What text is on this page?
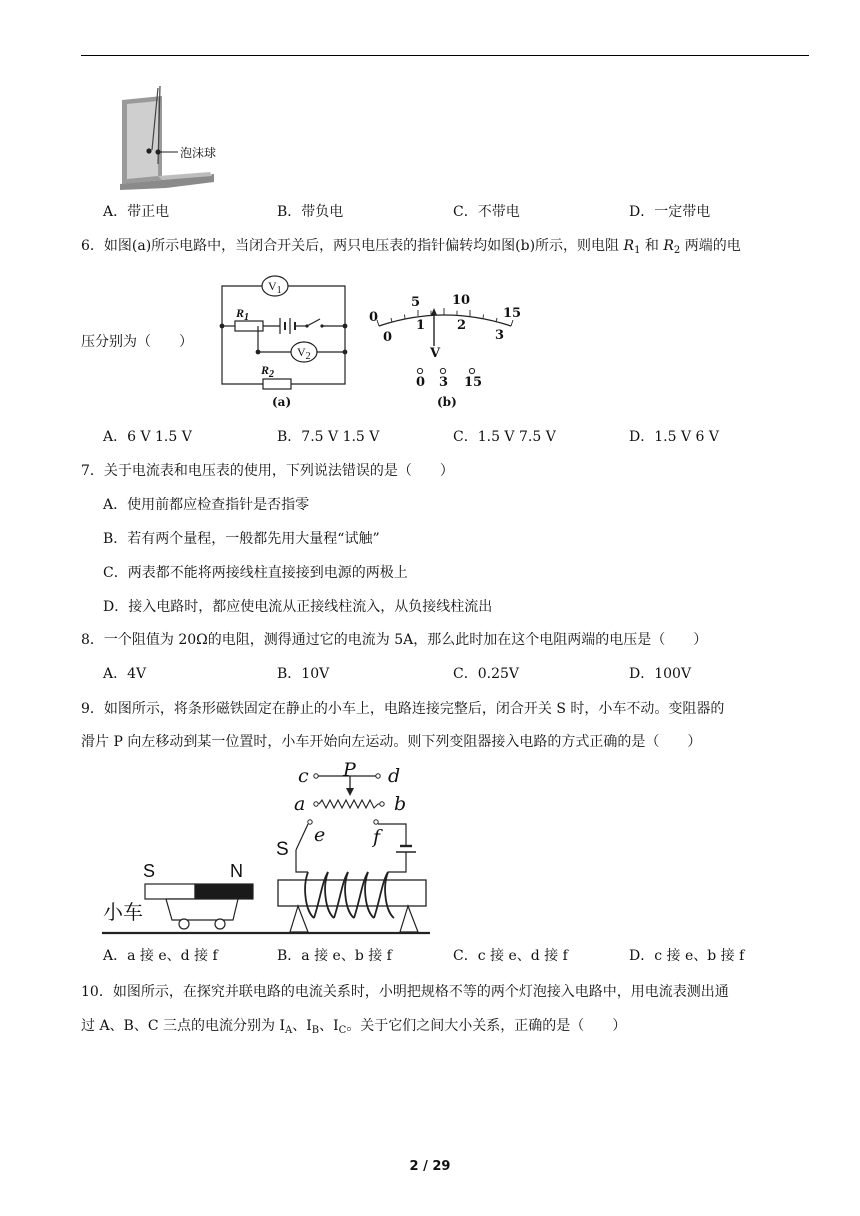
泡沫球
A．带正电	B．带负电	C．不带电	D．一定带电
6．如图(a)所示电路中，当闭合开关后，两只电压表的指针偏转均如图(b)所示，则电阻 $R_1$ 和 $R_2$ 两端的电
压分别为（　　）
$V_1$
$V_2$
$R_1$
$R_2$
(a)
0
5 10
15
0
1 2
3
V
0 3 15
(b)
A．6 V 1.5 V	B．7.5 V 1.5 V	C．1.5 V 7.5 V	D．1.5 V 6 V
7．关于电流表和电压表的使用，下列说法错误的是（　　）
A．使用前都应检查指针是否指零
B．若有两个量程，一般都先用大量程“试触”
C．两表都不能将两接线柱直接接到电源的两极上
D．接入电路时，都应使电流从正接线柱流入，从负接线柱流出
8．一个阻值为 20Ω的电阻，测得通过它的电流为 5A，那么此时加在这个电阻两端的电压是（　　）
A．4V	B．10V	C．0.25V	D．100V
9．如图所示，将条形磁铁固定在静止的小车上，电路连接完整后，闭合开关 S 时，小车不动。变阻器的
滑片 P 向左移动到某一位置时，小车开始向左运动。则下列变阻器接入电路的方式正确的是（　　）
c P d
a	b
e	f
S
S	N
小车
A．a 接 e、d 接 f	B．a 接 e、b 接 f	C．c 接 e、d 接 f	D．c 接 e、b 接 f
10．如图所示，在探究并联电路的电流关系时，小明把规格不等的两个灯泡接入电路中，用电流表测出通
过 A、B、C 三点的电流分别为 $I_A$、$I_B$、$I_C$。关于它们之间大小关系，正确的是（　　）
2 / 29
